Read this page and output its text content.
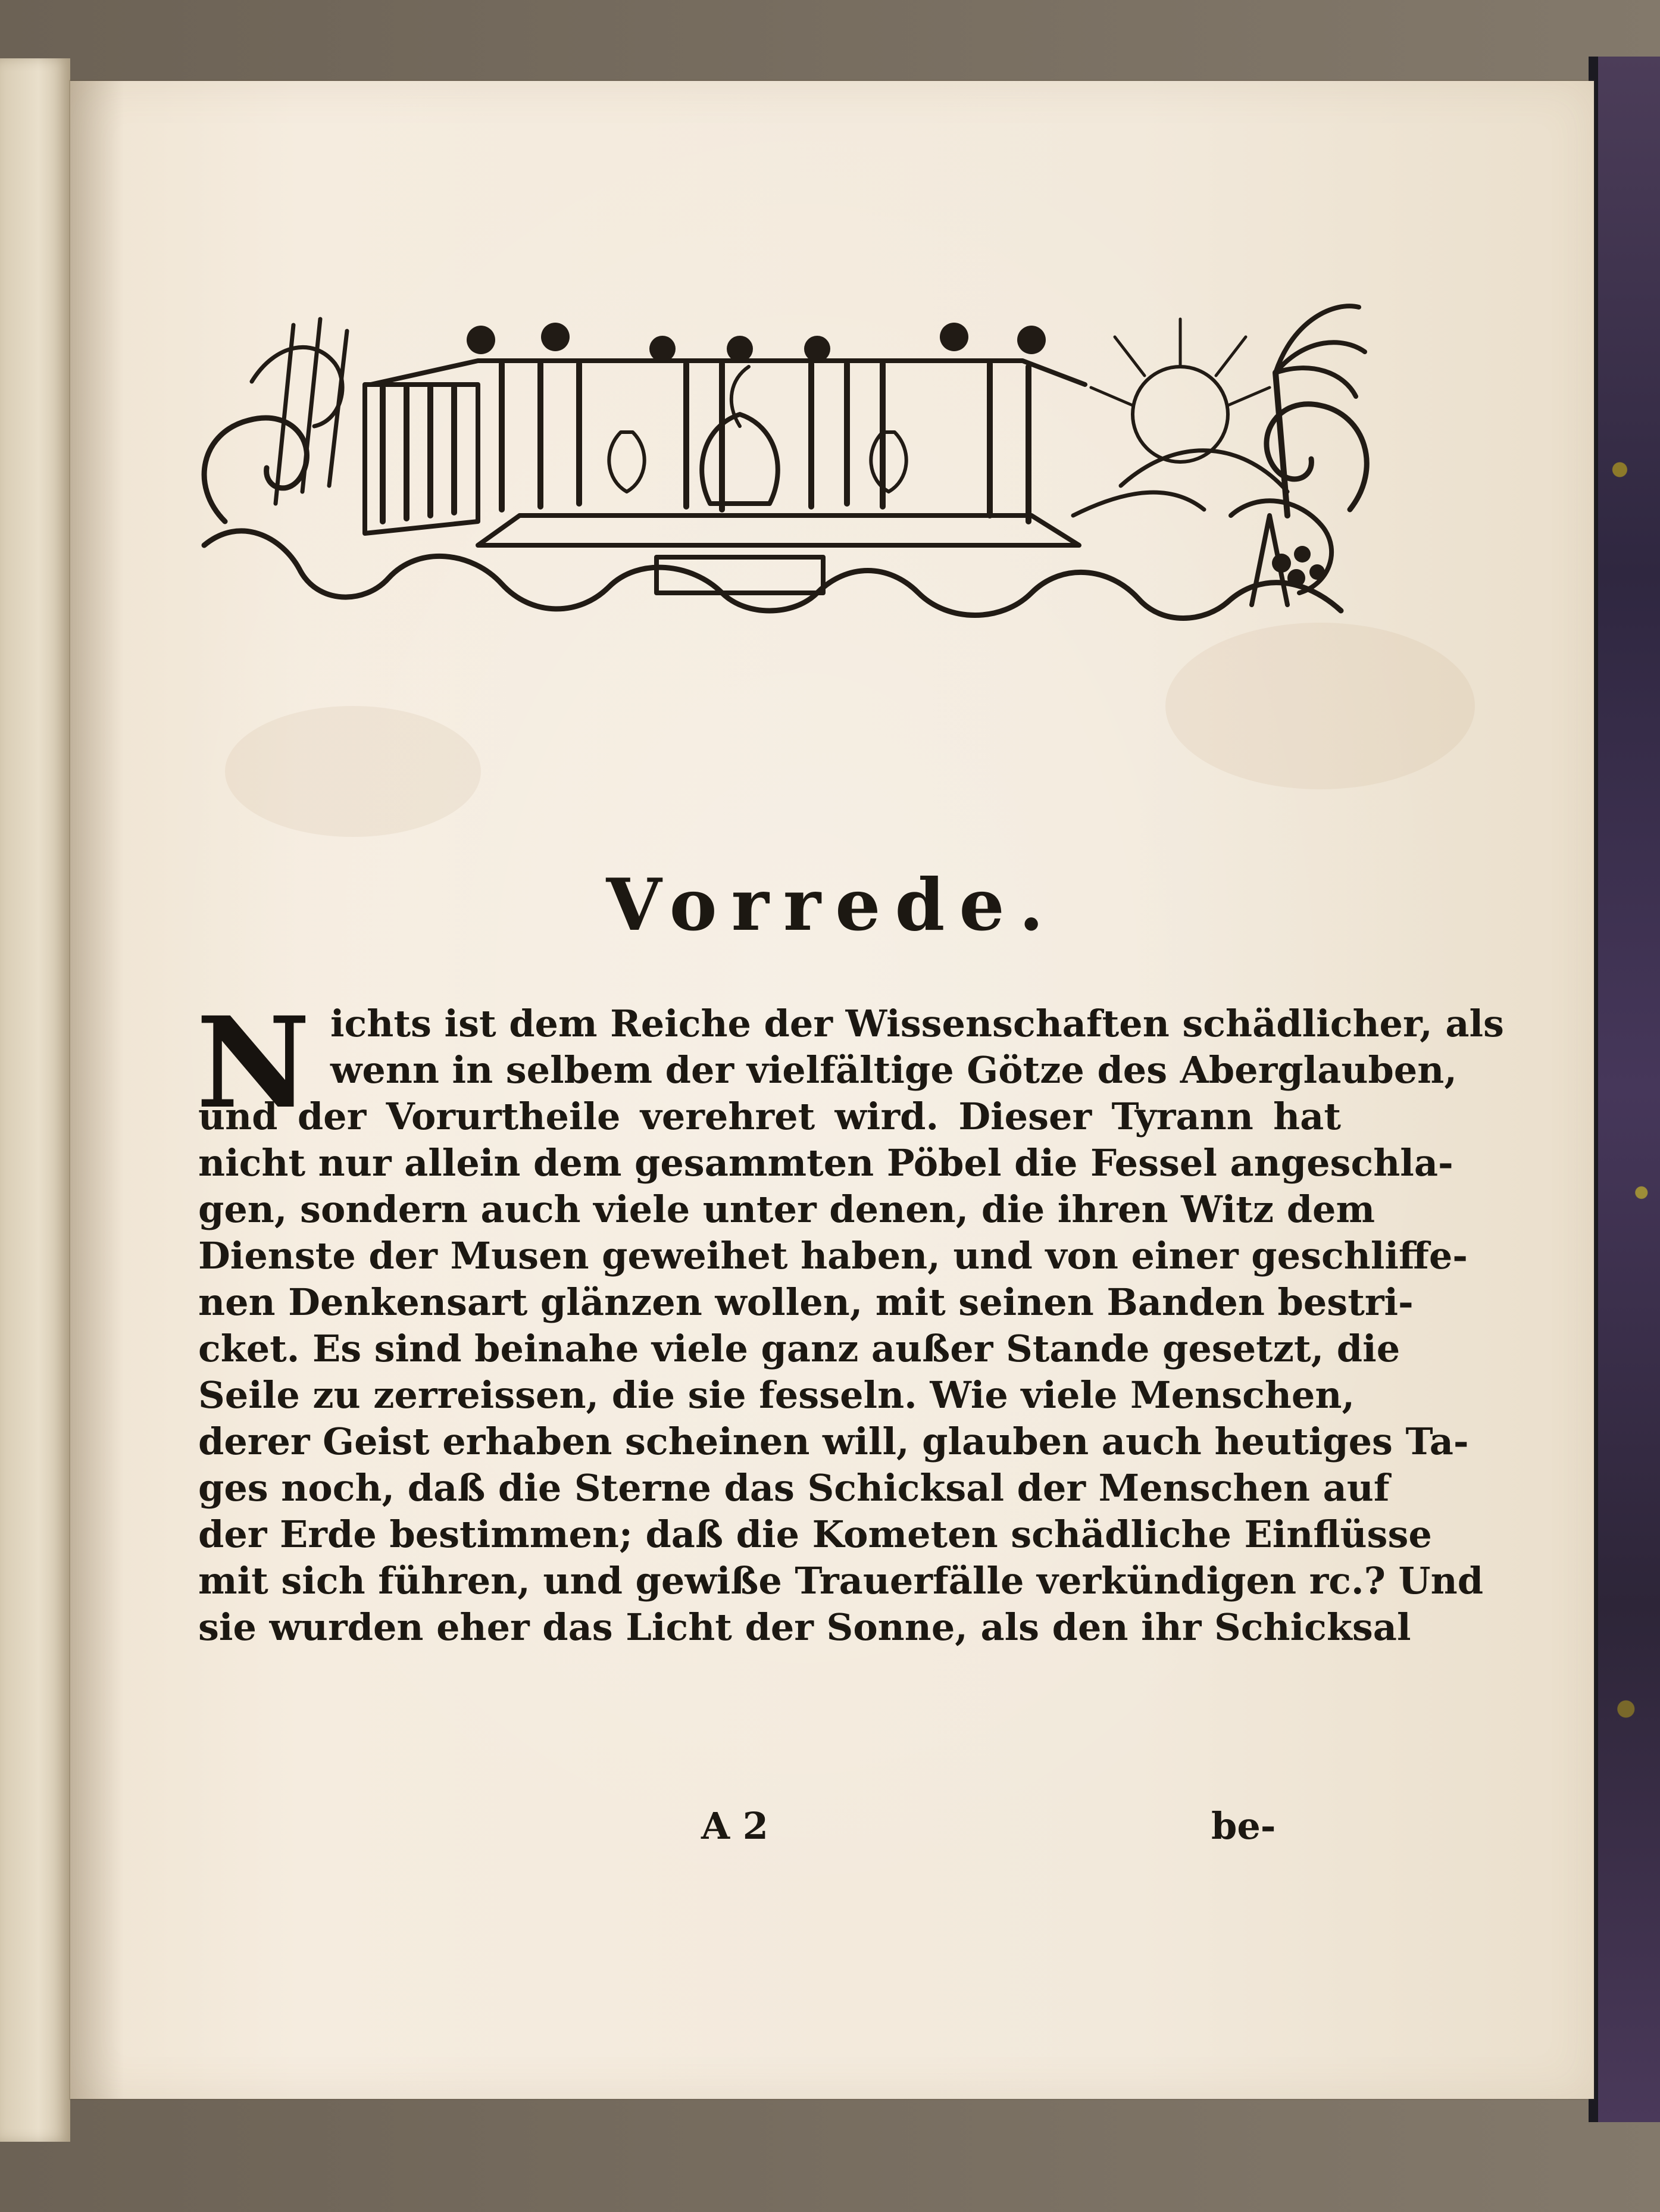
Vorrede.
N ichts ist dem Reiche der Wissenschaften schädlicher, als
wenn in selbem der vielfältige Götze des Aberglauben,
und der Vorurtheile verehret wird. Dieser Tyrann hat
nicht nur allein dem gesammten Pöbel die Fessel angeschla-
gen, sondern auch viele unter denen, die ihren Witz dem
Dienste der Musen geweihet haben, und von einer geschliffe-
nen Denkensart glänzen wollen, mit seinen Banden bestri-
cket. Es sind beinahe viele ganz außer Stande gesetzt, die
Seile zu zerreissen, die sie fesseln. Wie viele Menschen,
derer Geist erhaben scheinen will, glauben auch heutiges Ta-
ges noch, daß die Sterne das Schicksal der Menschen auf
der Erde bestimmen; daß die Kometen schädliche Einflüsse
mit sich führen, und gewiße Trauerfälle verkündigen rc.? Und
sie wurden eher das Licht der Sonne, als den ihr Schicksal
A 2	be-
